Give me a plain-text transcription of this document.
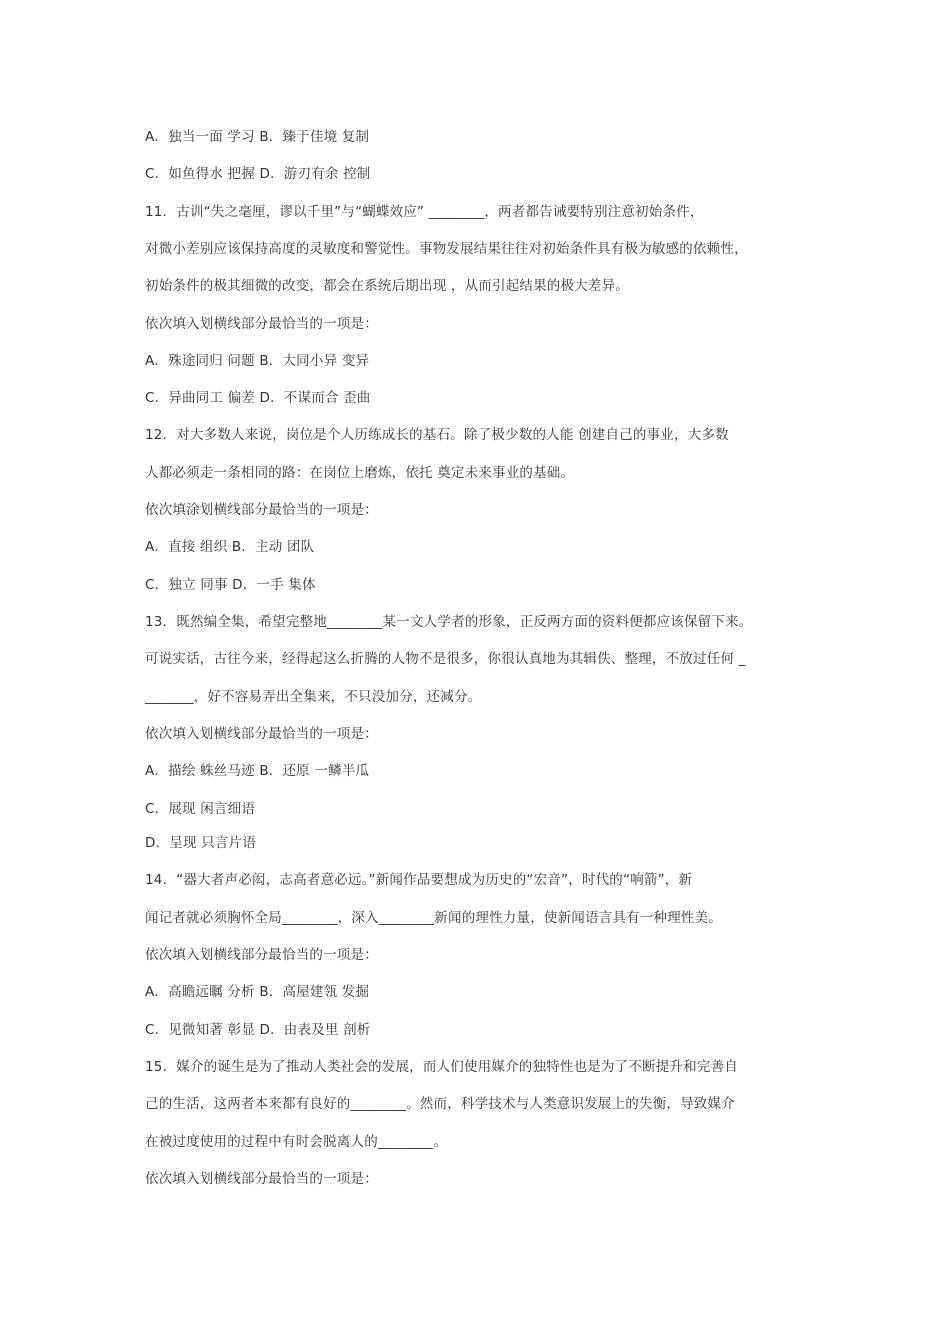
A．独当一面 学习 B．臻于佳境 复制
C．如鱼得水 把握 D．游刃有余 控制
11．古训“失之毫厘，谬以千里”与“蝴蝶效应” ________，两者都告诫要特别注意初始条件，
对微小差别应该保持高度的灵敏度和警觉性。事物发展结果往往对初始条件具有极为敏感的依赖性，
初始条件的极其细微的改变，都会在系统后期出现 ，从而引起结果的极大差异。
依次填入划横线部分最恰当的一项是：
A．殊途同归 问题 B．大同小异 变异
C．异曲同工 偏差 D．不谋而合 歪曲
12．对大多数人来说，岗位是个人历练成长的基石。除了极少数的人能 创建自己的事业，大多数
人都必须走一条相同的路：在岗位上磨炼，依托 奠定未来事业的基础。
依次填涂划横线部分最恰当的一项是：
A．直接 组织 B．主动 团队
C．独立 同事 D．一手 集体
13．既然编全集，希望完整地________某一文人学者的形象，正反两方面的资料便都应该保留下来。
可说实话，古往今来，经得起这么折腾的人物不是很多，你很认真地为其辑佚、整理，不放过任何 _
_______，好不容易弄出全集来，不只没加分，还减分。
依次填入划横线部分最恰当的一项是：
A．描绘 蛛丝马迹 B．还原 一鳞半瓜
C．展现 闲言细语
D．呈现 只言片语
14．“器大者声必闳，志高者意必远。”新闻作品要想成为历史的“宏音”，时代的“响箭”，新
闻记者就必须胸怀全局________，深入________新闻的理性力量，使新闻语言具有一种理性美。
依次填入划横线部分最恰当的一项是：
A．高瞻远瞩 分析 B．高屋建瓴 发掘
C．见微知著 彰显 D．由表及里 剖析
15．媒介的诞生是为了推动人类社会的发展，而人们使用媒介的独特性也是为了不断提升和完善自
己的生活，这两者本来都有良好的________。然而，科学技术与人类意识发展上的失衡，导致媒介
在被过度使用的过程中有时会脱离人的________。
依次填入划横线部分最恰当的一项是：
